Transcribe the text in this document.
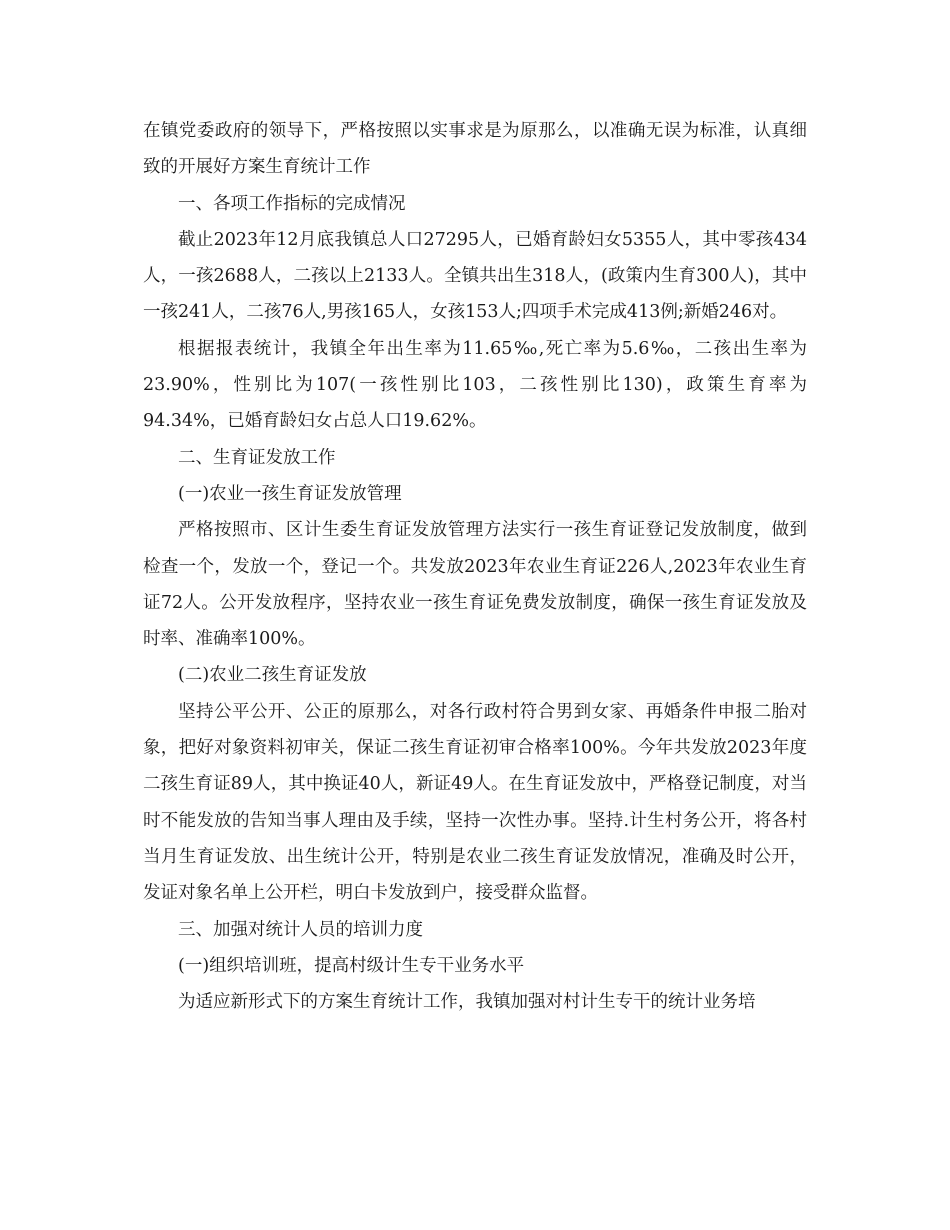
在镇党委政府的领导下，严格按照以实事求是为原那么，以准确无误为标准，认真细致的开展好方案生育统计工作

一、各项工作指标的完成情况

截止2023年12月底我镇总人口27295人，已婚育龄妇女5355人，其中零孩434人，一孩2688人，二孩以上2133人。全镇共出生318人，(政策内生育300人)，其中一孩241人，二孩76人,男孩165人，女孩153人;四项手术完成413例;新婚246对。

根据报表统计，我镇全年出生率为11.65‰,死亡率为5.6‰，二孩出生率为23.90%，性别比为107(一孩性别比103，二孩性别比130)，政策生育率为94.34%，已婚育龄妇女占总人口19.62%。

二、生育证发放工作

(一)农业一孩生育证发放管理

严格按照市、区计生委生育证发放管理方法实行一孩生育证登记发放制度，做到检查一个，发放一个，登记一个。共发放2023年农业生育证226人,2023年农业生育证72人。公开发放程序，坚持农业一孩生育证免费发放制度，确保一孩生育证发放及时率、准确率100%。

(二)农业二孩生育证发放

坚持公平公开、公正的原那么，对各行政村符合男到女家、再婚条件申报二胎对象，把好对象资料初审关，保证二孩生育证初审合格率100%。今年共发放2023年度二孩生育证89人，其中换证40人，新证49人。在生育证发放中，严格登记制度，对当时不能发放的告知当事人理由及手续，坚持一次性办事。坚持.计生村务公开，将各村当月生育证发放、出生统计公开，特别是农业二孩生育证发放情况，准确及时公开，发证对象名单上公开栏，明白卡发放到户，接受群众监督。

三、加强对统计人员的培训力度

(一)组织培训班，提高村级计生专干业务水平

为适应新形式下的方案生育统计工作，我镇加强对村计生专干的统计业务培
